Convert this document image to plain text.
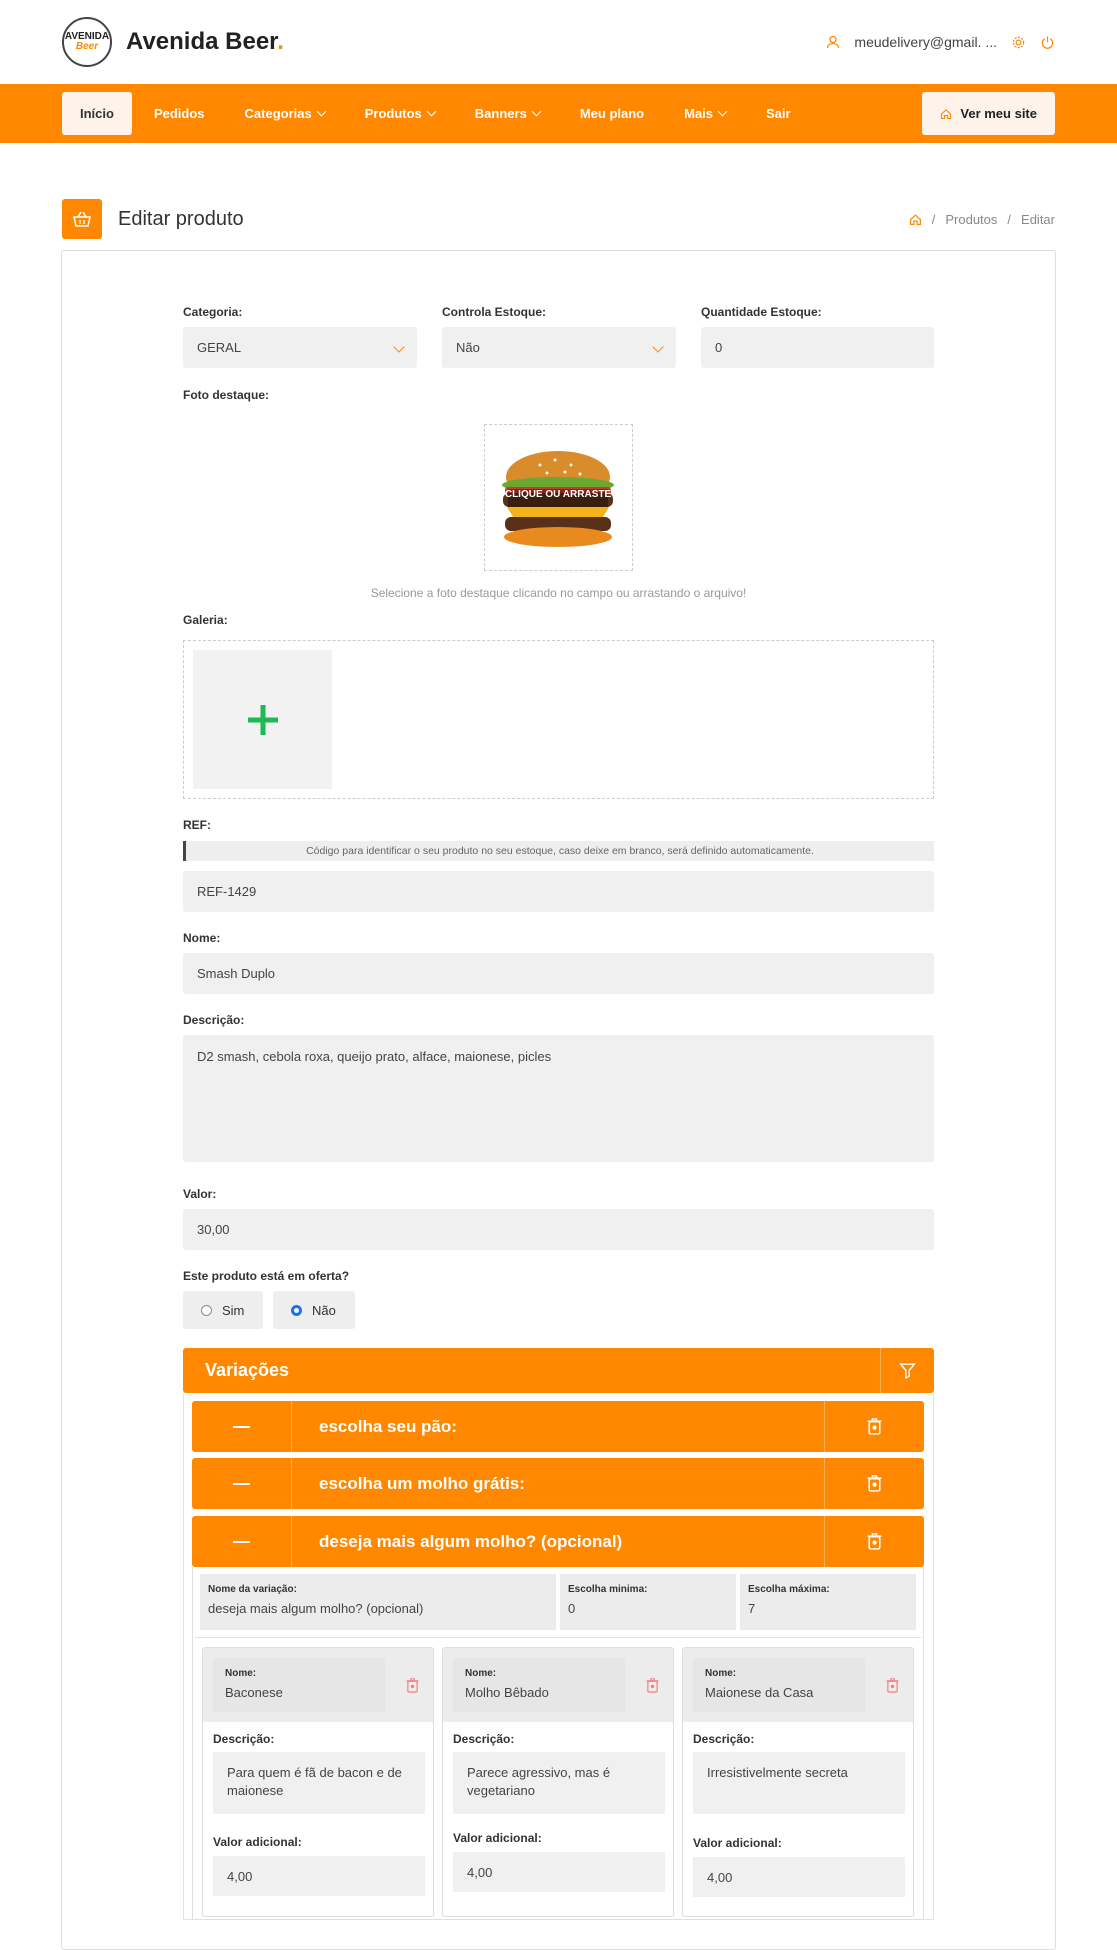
AVENIDA
Beer Avenida Beer.	meudelivery@gmail. ...
Início	Pedidos	Categorias	Produtos	Banners	Meu plano	Mais	Sair	Ver meu site
Editar produto	/ Produtos / Editar
Categoria:
GERAL
Controla Estoque:
Não
Quantidade Estoque:
0
Foto destaque:
CLIQUE OU ARRASTE
Selecione a foto destaque clicando no campo ou arrastando o arquivo!
Galeria:
REF:
Código para identificar o seu produto no seu estoque, caso deixe em branco, será definido automaticamente.
REF-1429
Nome:
Smash Duplo
Descrição:
D2 smash, cebola roxa, queijo prato, alface, maionese, picles
Valor:
30,00
Este produto está em oferta?
Sim	Não
Variações
escolha seu pão:
escolha um molho grátis:
deseja mais algum molho? (opcional)
Nome da variação:
deseja mais algum molho? (opcional)
Escolha minima:
0
Escolha máxima:
7
Nome:
Baconese
Descrição:
Para quem é fã de bacon e de maionese
Valor adicional:
4,00
Nome:
Molho Bêbado
Descrição:
Parece agressivo, mas é vegetariano
Valor adicional:
4,00
Nome:
Maionese da Casa
Descrição:
Irresistivelmente secreta
Valor adicional:
4,00
